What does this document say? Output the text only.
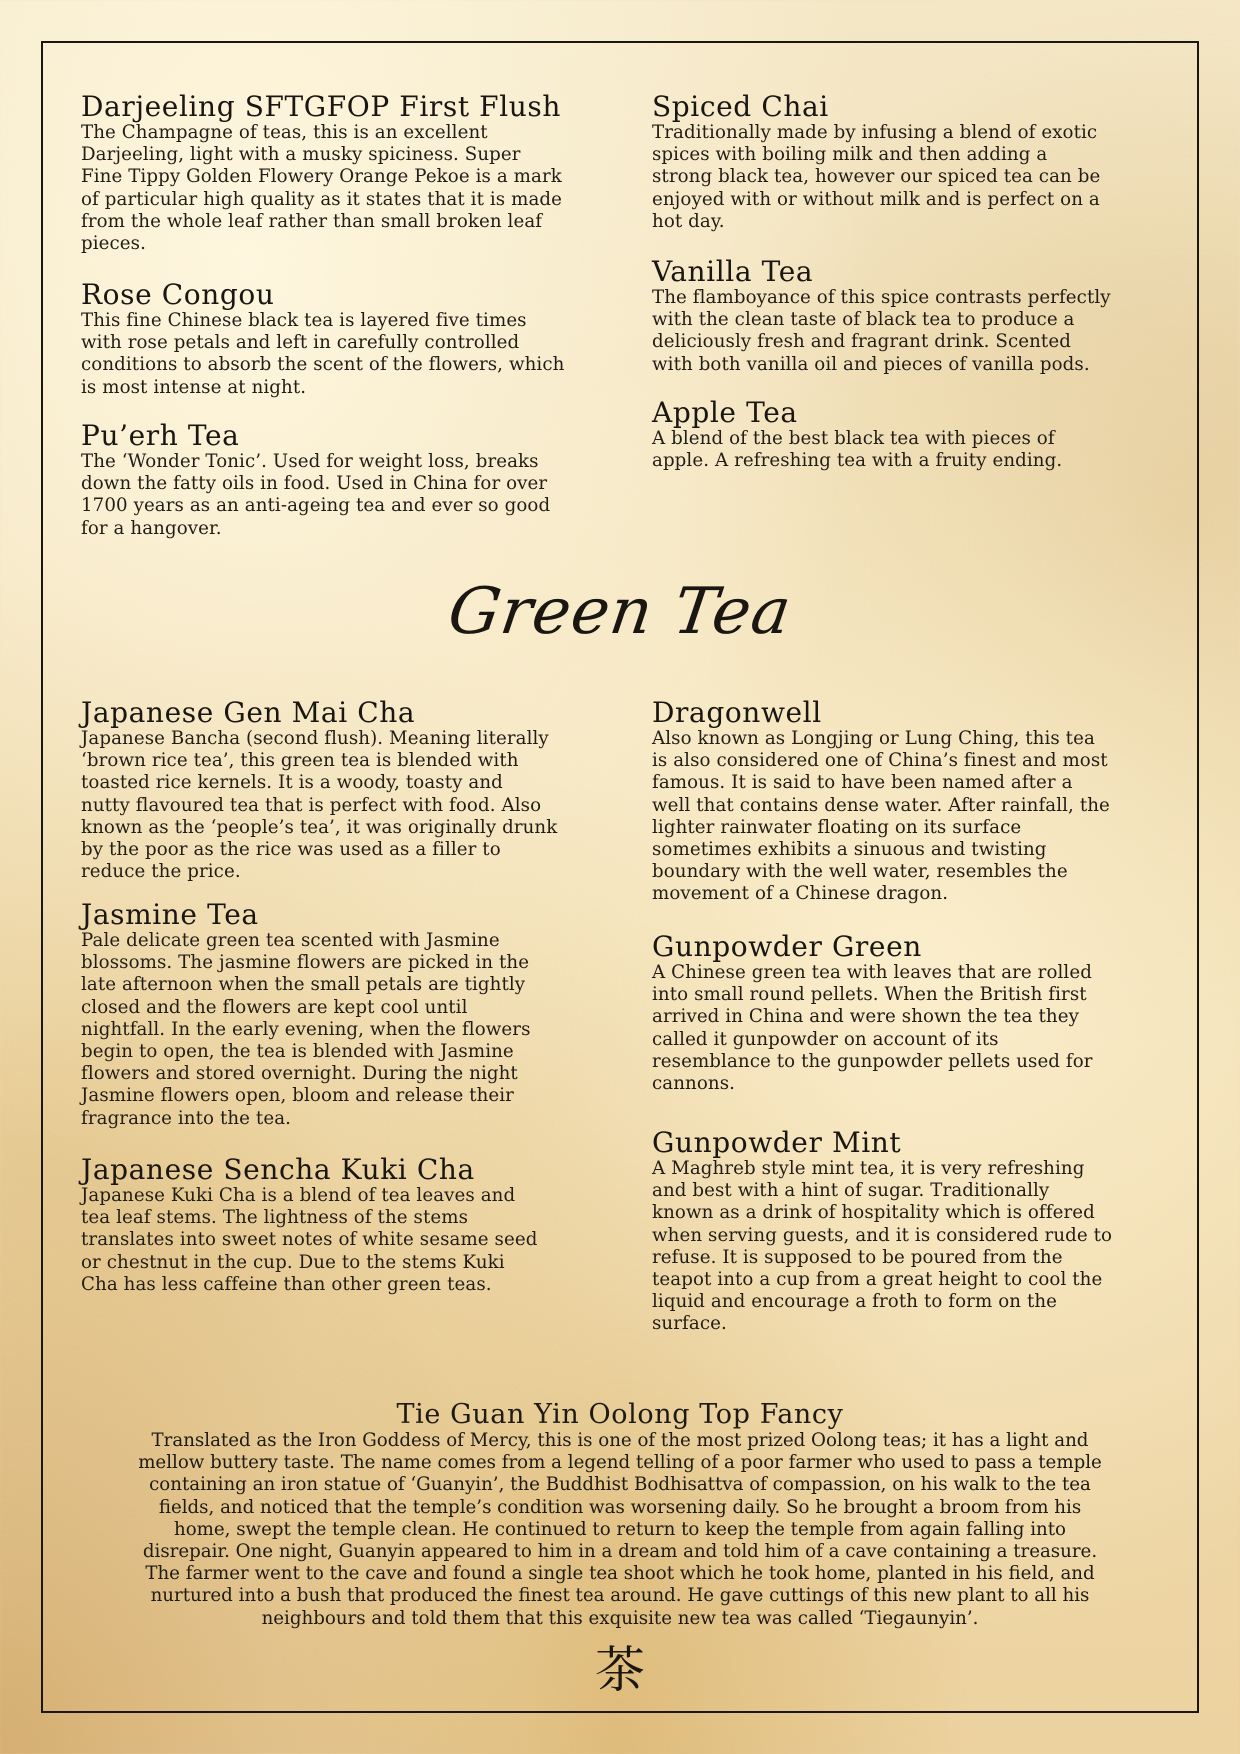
Darjeeling SFTGFOP First Flush

The Champagne of teas, this is an excellent
Darjeeling, light with a musky spiciness. Super
Fine Tippy Golden Flowery Orange Pekoe is a mark
of particular high quality as it states that it is made
from the whole leaf rather than small broken leaf
pieces.

Rose Congou

This fine Chinese black tea is layered five times
with rose petals and left in carefully controlled
conditions to absorb the scent of the flowers, which
is most intense at night.

Pu’erh Tea

The ‘Wonder Tonic’. Used for weight loss, breaks
down the fatty oils in food. Used in China for over
1700 years as an anti-ageing tea and ever so good
for a hangover.

Spiced Chai

Traditionally made by infusing a blend of exotic
spices with boiling milk and then adding a
strong black tea, however our spiced tea can be
enjoyed with or without milk and is perfect on a
hot day.

Vanilla Tea

The flamboyance of this spice contrasts perfectly
with the clean taste of black tea to produce a
deliciously fresh and fragrant drink. Scented
with both vanilla oil and pieces of vanilla pods.

Apple Tea

A blend of the best black tea with pieces of
apple. A refreshing tea with a fruity ending.

Green Tea
Japanese Gen Mai Cha

Japanese Bancha (second flush). Meaning literally
‘brown rice tea’, this green tea is blended with
toasted rice kernels. It is a woody, toasty and
nutty flavoured tea that is perfect with food. Also
known as the ‘people’s tea’, it was originally drunk
by the poor as the rice was used as a filler to
reduce the price.

Jasmine Tea

Pale delicate green tea scented with Jasmine
blossoms. The jasmine flowers are picked in the
late afternoon when the small petals are tightly
closed and the flowers are kept cool until
nightfall. In the early evening, when the flowers
begin to open, the tea is blended with Jasmine
flowers and stored overnight. During the night
Jasmine flowers open, bloom and release their
fragrance into the tea.

Japanese Sencha Kuki Cha

Japanese Kuki Cha is a blend of tea leaves and
tea leaf stems. The lightness of the stems
translates into sweet notes of white sesame seed
or chestnut in the cup. Due to the stems Kuki
Cha has less caffeine than other green teas.

Dragonwell

Also known as Longjing or Lung Ching, this tea
is also considered one of China’s finest and most
famous. It is said to have been named after a
well that contains dense water. After rainfall, the
lighter rainwater floating on its surface
sometimes exhibits a sinuous and twisting
boundary with the well water, resembles the
movement of a Chinese dragon.

Gunpowder Green

A Chinese green tea with leaves that are rolled
into small round pellets. When the British first
arrived in China and were shown the tea they
called it gunpowder on account of its
resemblance to the gunpowder pellets used for
cannons.

Gunpowder Mint

A Maghreb style mint tea, it is very refreshing
and best with a hint of sugar. Traditionally
known as a drink of hospitality which is offered
when serving guests, and it is considered rude to
refuse. It is supposed to be poured from the
teapot into a cup from a great height to cool the
liquid and encourage a froth to form on the
surface.

Tie Guan Yin Oolong Top Fancy

Translated as the Iron Goddess of Mercy, this is one of the most prized Oolong teas; it has a light and
mellow buttery taste. The name comes from a legend telling of a poor farmer who used to pass a temple
containing an iron statue of ‘Guanyin’, the Buddhist Bodhisattva of compassion, on his walk to the tea
fields, and noticed that the temple’s condition was worsening daily. So he brought a broom from his
home, swept the temple clean. He continued to return to keep the temple from again falling into
disrepair. One night, Guanyin appeared to him in a dream and told him of a cave containing a treasure.
The farmer went to the cave and found a single tea shoot which he took home, planted in his field, and
nurtured into a bush that produced the finest tea around. He gave cuttings of this new plant to all his
neighbours and told them that this exquisite new tea was called ‘Tiegaunyin’.

茶
